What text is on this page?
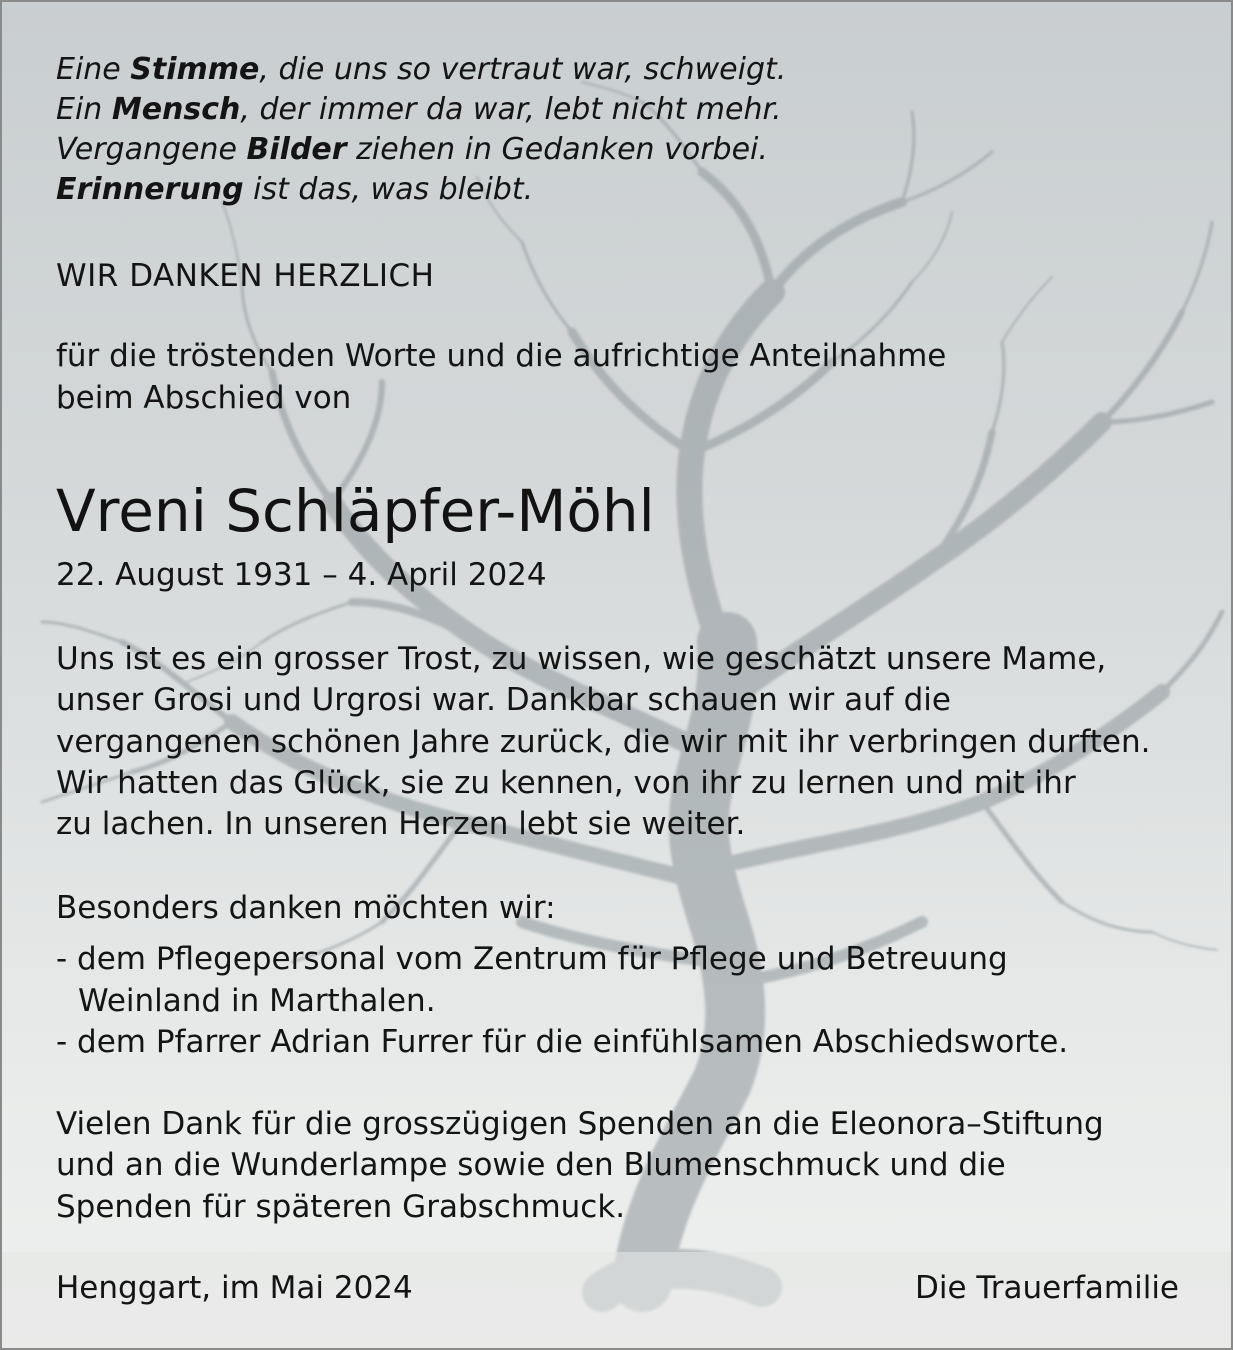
Eine Stimme, die uns so vertraut war, schweigt.
Ein Mensch, der immer da war, lebt nicht mehr.
Vergangene Bilder ziehen in Gedanken vorbei.
Erinnerung ist das, was bleibt.
WIR DANKEN HERZLICH
für die tröstenden Worte und die aufrichtige Anteilnahme
beim Abschied von
Vreni Schläpfer-Möhl
22. August 1931 – 4. April 2024
Uns ist es ein grosser Trost, zu wissen, wie geschätzt unsere Mame,
unser Grosi und Urgrosi war. Dankbar schauen wir auf die
vergangenen schönen Jahre zurück, die wir mit ihr verbringen durften.
Wir hatten das Glück, sie zu kennen, von ihr zu lernen und mit ihr
zu lachen. In unseren Herzen lebt sie weiter.
Besonders danken möchten wir:
- dem Pflegepersonal vom Zentrum für Pflege und Betreuung
Weinland in Marthalen.
- dem Pfarrer Adrian Furrer für die einfühlsamen Abschiedsworte.
Vielen Dank für die grosszügigen Spenden an die Eleonora–Stiftung
und an die Wunderlampe sowie den Blumenschmuck und die
Spenden für späteren Grabschmuck.
Henggart, im Mai 2024	Die Trauerfamilie
